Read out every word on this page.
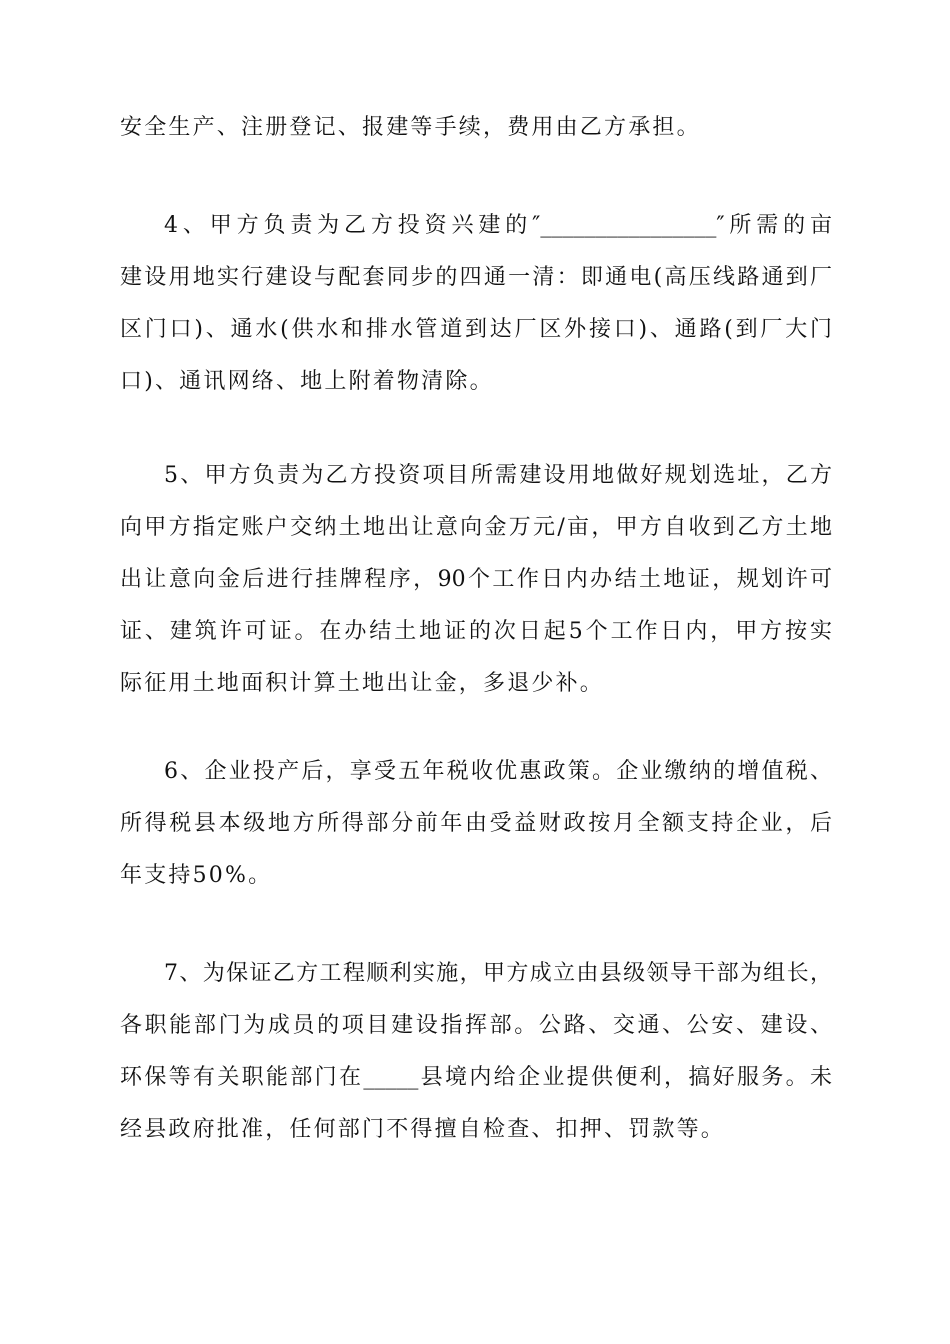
安全生产、注册登记、报建等手续，费用由乙方承担。
4、甲方负责为乙方投资兴建的″________________″所需的亩
建设用地实行建设与配套同步的四通一清：即通电(高压线路通到厂
区门口)、通水(供水和排水管道到达厂区外接口)、通路(到厂大门
口)、通讯网络、地上附着物清除。
5、甲方负责为乙方投资项目所需建设用地做好规划选址，乙方
向甲方指定账户交纳土地出让意向金万元/亩，甲方自收到乙方土地
出让意向金后进行挂牌程序，90个工作日内办结土地证，规划许可
证、建筑许可证。在办结土地证的次日起5个工作日内，甲方按实
际征用土地面积计算土地出让金，多退少补。
6、企业投产后，享受五年税收优惠政策。企业缴纳的增值税、
所得税县本级地方所得部分前年由受益财政按月全额支持企业，后
年支持50%。
7、为保证乙方工程顺利实施，甲方成立由县级领导干部为组长，
各职能部门为成员的项目建设指挥部。公路、交通、公安、建设、
环保等有关职能部门在_____县境内给企业提供便利，搞好服务。未
经县政府批准，任何部门不得擅自检查、扣押、罚款等。
